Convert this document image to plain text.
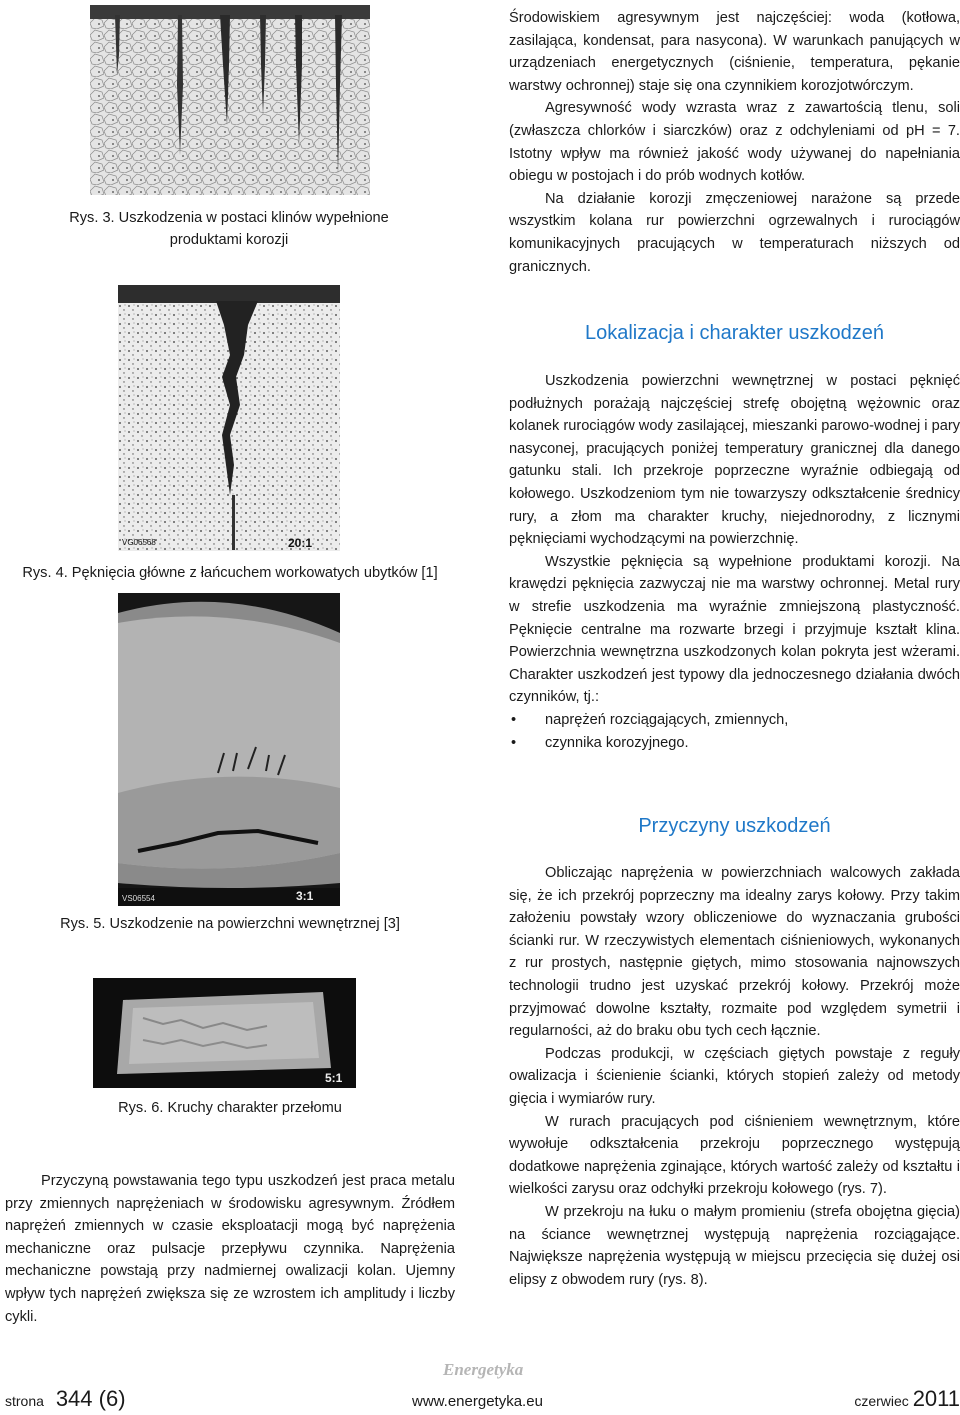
Rys. 3. Uszkodzenia w postaci klinów wypełnione produktami korozji

Środowiskiem agresywnym jest najczęściej: woda (kotłowa, zasilająca, kondensat, para nasycona). W warunkach panujących w urządzeniach energetycznych (ciśnienie, temperatura, pękanie warstwy ochronnej) staje się ona czynnikiem korozjotwórczym.

Agresywność wody wzrasta wraz z zawartością tlenu, soli (zwłaszcza chlorków i siarczków) oraz z odchyleniami od pH = 7. Istotny wpływ ma również jakość wody używanej do napełniania obiegu w postojach i do prób wodnych kotłów.

Na działanie korozji zmęczeniowej narażone są przede wszystkim kolana rur powierzchni ogrzewalnych i rurociągów komunikacyjnych pracujących w temperaturach niższych od granicznych.

VG06568	20:1
Rys. 4. Pęknięcia główne z łańcuchem workowatych ubytków [1]
Lokalizacja i charakter uszkodzeń

Uszkodzenia powierzchni wewnętrznej w postaci pęknięć podłużnych porażają najczęściej strefę obojętną wężownic oraz kolanek rurociągów wody zasilającej, mieszanki parowo-wodnej i pary nasyconej, pracujących poniżej temperatury granicznej dla danego gatunku stali. Ich przekroje poprzeczne wyraźnie odbiegają od kołowego. Uszkodzeniom tym nie towarzyszy odkształcenie średnicy rury, a złom ma charakter kruchy, niejednorodny, z licznymi pęknięciami wychodzącymi na powierzchnię.

Wszystkie pęknięcia są wypełnione produktami korozji. Na krawędzi pęknięcia zazwyczaj nie ma warstwy ochronnej. Metal rury w strefie uszkodzenia ma wyraźnie zmniejszoną plastyczność. Pęknięcie centralne ma rozwarte brzegi i przyjmuje kształt klina. Powierzchnia wewnętrzna uszkodzonych kolan pokryta jest wżerami. Charakter uszkodzeń jest typowy dla jednoczesnego działania dwóch czynników, tj.:

• naprężeń rozciągających, zmiennych,
• czynnika korozyjnego.
VS06554	3:1
Rys. 5. Uszkodzenie na powierzchni wewnętrznej [3]
Przyczyny uszkodzeń

Obliczając naprężenia w powierzchniach walcowych zakłada się, że ich przekrój poprzeczny ma idealny zarys kołowy. Przy takim założeniu powstały wzory obliczeniowe do wyznaczania grubości ścianki rur. W rzeczywistych elementach ciśnieniowych, wykonanych z rur prostych, następnie giętych, mimo stosowania najnowszych technologii trudno jest uzyskać przekrój kołowy. Przekrój może przyjmować dowolne kształty, rozmaite pod względem symetrii i regularności, aż do braku obu tych cech łącznie.

Podczas produkcji, w częściach giętych powstaje z reguły owalizacja i ścienienie ścianki, których stopień zależy od metody gięcia i wymiarów rury.

W rurach pracujących pod ciśnieniem wewnętrznym, które wywołuje odkształcenia przekroju poprzecznego występują dodatkowe naprężenia zginające, których wartość zależy od kształtu i wielkości zarysu oraz odchyłki przekroju kołowego (rys. 7).

W przekroju na łuku o małym promieniu (strefa obojętna gięcia) na ściance wewnętrznej występują naprężenia rozciągające. Największe naprężenia występują w miejscu przecięcia się dużej osi elipsy z obwodem rury (rys. 8).

5:1
Rys. 6. Kruchy charakter przełomu

Przyczyną powstawania tego typu uszkodzeń jest praca metalu przy zmiennych naprężeniach w środowisku agresywnym. Źródłem naprężeń zmiennych w czasie eksploatacji mogą być naprężenia mechaniczne oraz pulsacje przepływu czynnika. Naprężenia mechaniczne powstają przy nadmiernej owalizacji kolan. Ujemny wpływ tych naprężeń zwiększa się ze wzrostem ich amplitudy i liczby cykli.

Energetyka
strona 344 (6)	www.energetyka.eu	czerwiec 2011
